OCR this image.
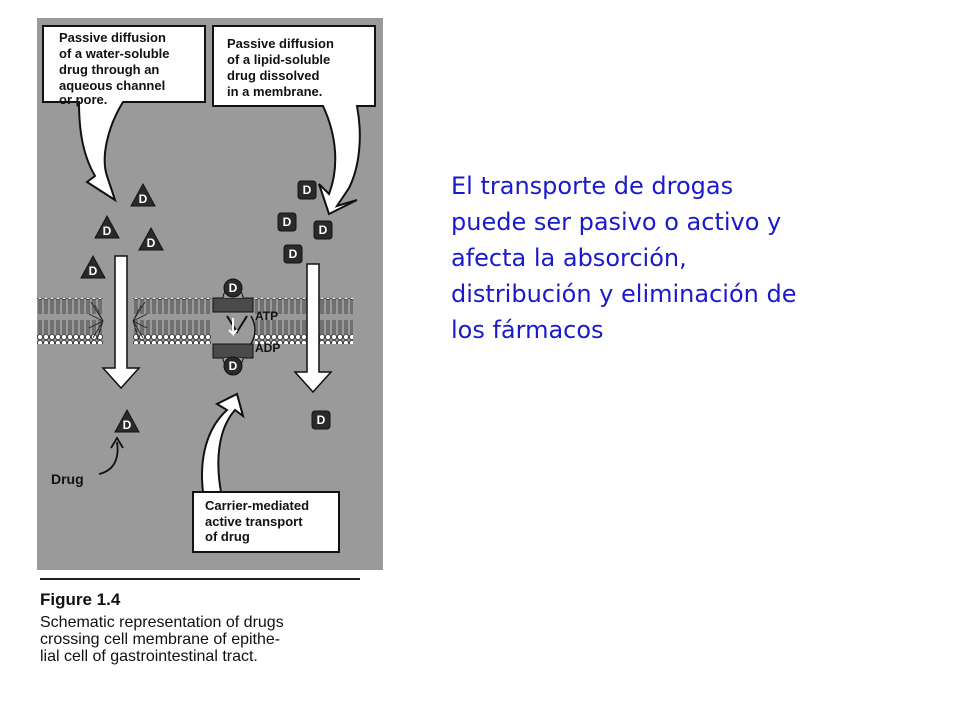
Passive diffusion
of a water-soluble
drug through an
aqueous channel
or pore.
Passive diffusion
of a lipid-soluble
drug dissolved
in a membrane.
ATP
ADP
Carrier-mediated
active transport
of drug
Drug
D
D
D
D
D
D
D
D
D
D
D
D
Figure 1.4
Schematic representation of drugs
crossing cell membrane of epithe-
lial cell of gastrointestinal tract.
El transporte de drogas
puede ser pasivo o activo y
afecta la absorción,
distribución y eliminación de
los fármacos
